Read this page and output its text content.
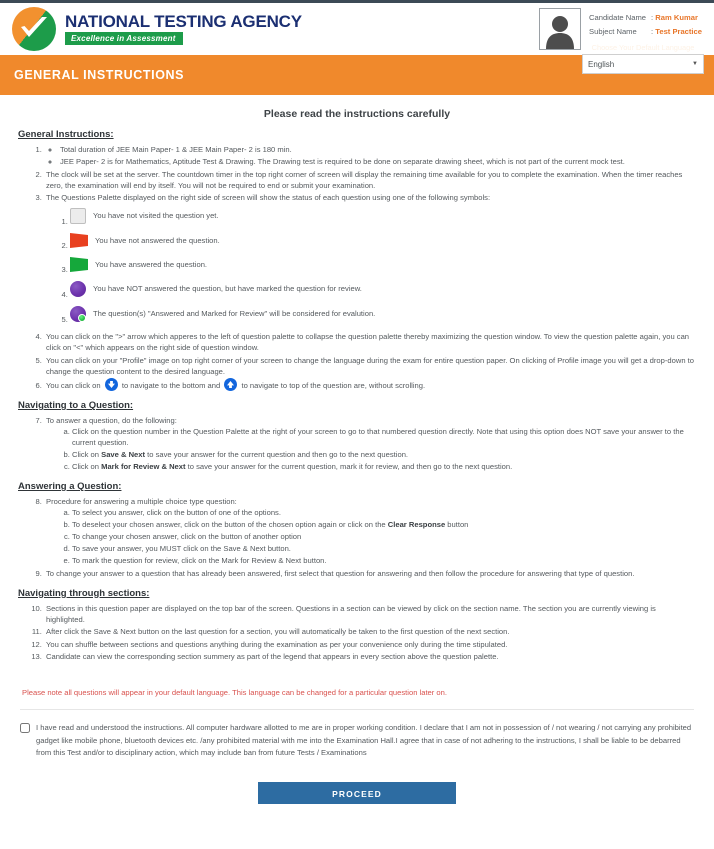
NATIONAL TESTING AGENCY
Excellence in Assessment
Candidate Name : Ram Kumar
Subject Name : Test Practice
GENERAL INSTRUCTIONS
Choose Your Default Language
English	▼
Please read the instructions carefully
General Instructions:
◦ 1. Total duration of JEE Main Paper- 1 & JEE Main Paper- 2 is 180 min.
◦ JEE Paper- 2 is for Mathematics, Aptitude Test & Drawing. The Drawing test is required to be done on separate drawing sheet, which is not part of the current mock test.
2. The clock will be set at the server. The countdown timer in the top right corner of screen will display the remaining time available for you to complete the examination. When the timer reaches zero, the examination will end by itself. You will not be required to end or submit your examination.
3. The Questions Palette displayed on the right side of screen will show the status of each question using one of the following symbols:
1. You have not visited the question yet.
2. You have not answered the question.
3. You have answered the question.
4. You have NOT answered the question, but have marked the question for review.
5. The question(s) "Answered and Marked for Review" will be considered for evalution.
4. You can click on the ">" arrow which apperes to the left of question palette to collapse the question palette thereby maximizing the question window. To view the question palette again, you can click on "<" which appears on the right side of question window.
5. You can click on your "Profile" image on top right corner of your screen to change the language during the exam for entire question paper. On clicking of Profile image you will get a drop-down to change the question content to the desired language.
6. You can click on	to navigate to the bottom and	to navigate to top of the question are, without scrolling.
Navigating to a Question:
7. To answer a question, do the following:
a. Click on the question number in the Question Palette at the right of your screen to go to that numbered question directly. Note that using this option does NOT save your answer to the current question.
b. Click on Save & Next to save your answer for the current question and then go to the next question.
c. Click on Mark for Review & Next to save your answer for the current question, mark it for review, and then go to the next question.
Answering a Question:
8. Procedure for answering a multiple choice type question:
a. To select you answer, click on the button of one of the options.
b. To deselect your chosen answer, click on the button of the chosen option again or click on the Clear Response button
c. To change your chosen answer, click on the button of another option
d. To save your answer, you MUST click on the Save & Next button.
e. To mark the question for review, click on the Mark for Review & Next button.
9. To change your answer to a question that has already been answered, first select that question for answering and then follow the procedure for answering that type of question.
Navigating through sections:
10. Sections in this question paper are displayed on the top bar of the screen. Questions in a section can be viewed by click on the section name. The section you are currently viewing is highlighted.
11. After click the Save & Next button on the last question for a section, you will automatically be taken to the first question of the next section.
12. You can shuffle between sections and questions anything during the examination as per your convenience only during the time stipulated.
13. Candidate can view the corresponding section summery as part of the legend that appears in every section above the question palette.
Please note all questions will appear in your default language. This language can be changed for a particular question later on.
I have read and understood the instructions. All computer hardware allotted to me are in proper working condition. I declare that I am not in possession of / not wearing / not carrying any prohibited gadget like mobile phone, bluetooth devices etc. /any prohibited material with me into the Examination Hall.I agree that in case of not adhering to the instructions, I shall be liable to be debarred from this Test and/or to disciplinary action, which may include ban from future Tests / Examinations
PROCEED
